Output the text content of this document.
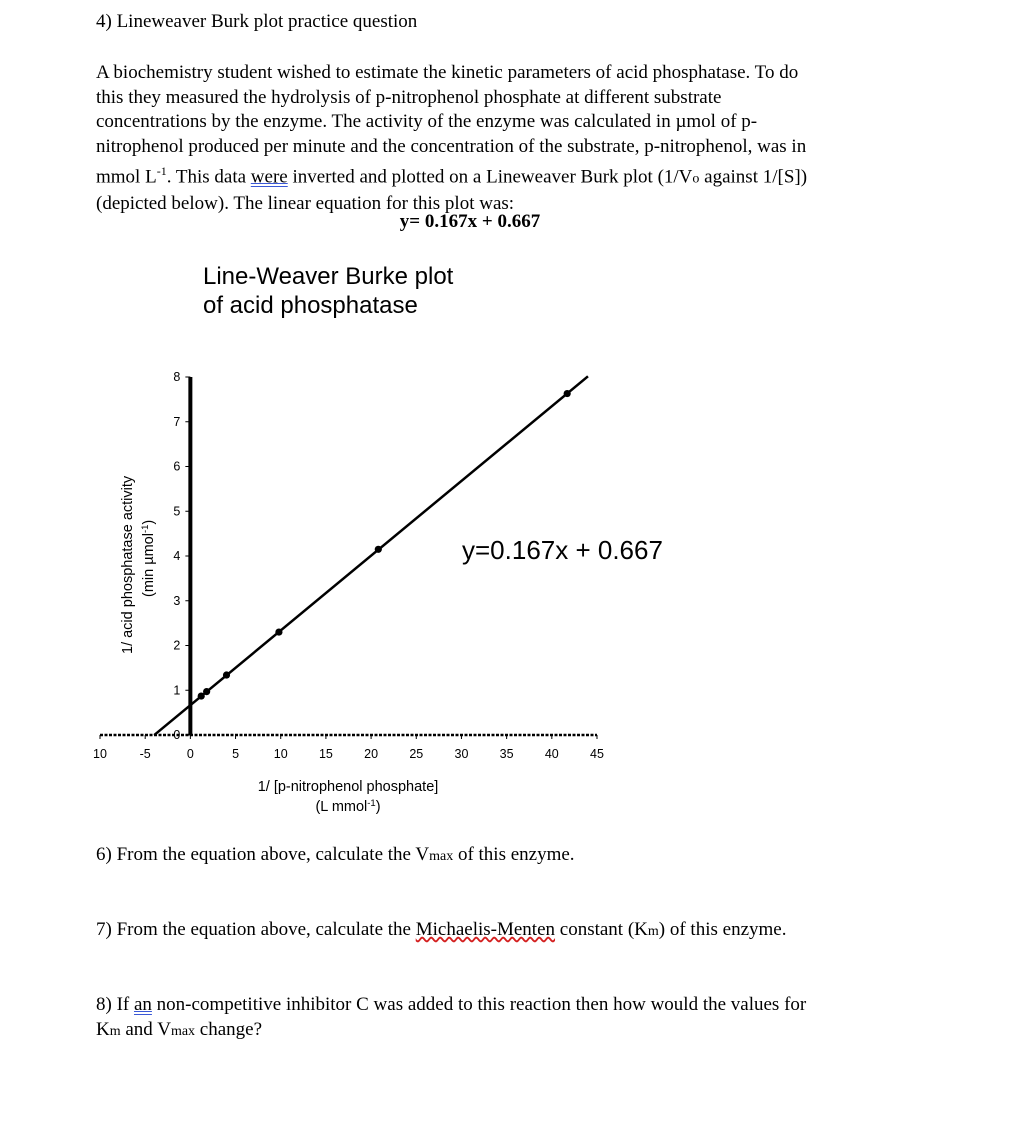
4) Lineweaver Burk plot practice question

A biochemistry student wished to estimate the kinetic parameters of acid phosphatase. To do

this they measured the hydrolysis of p-nitrophenol phosphate at different substrate

concentrations by the enzyme. The activity of the enzyme was calculated in µmol of p-

nitrophenol produced per minute and the concentration of the substrate, p-nitrophenol, was in

mmol $L^{-1}$. This data were inverted and plotted on a Lineweaver Burk plot (1/Vo against 1/[S])

(depicted below). The linear equation for this plot was:

y= 0.167x + 0.667
Line-Weaver Burke plot
of acid phosphatase
y=0.167x + 0.667
1/ [p-nitrophenol phosphate]
(L mmol$^{-1}$)
1/ acid phosphatase activity (min µmol$^{-1}$)
10	-5	0	5	10	15	20	25	30	35	40	45
0
1
2
3
4
5
6
7
8
6) From the equation above, calculate the Vmax of this enzyme.
7) From the equation above, calculate the Michaelis-Menten constant (Km) of this enzyme.
8) If an non-competitive inhibitor C was added to this reaction then how would the values for
Km and Vmax change?
